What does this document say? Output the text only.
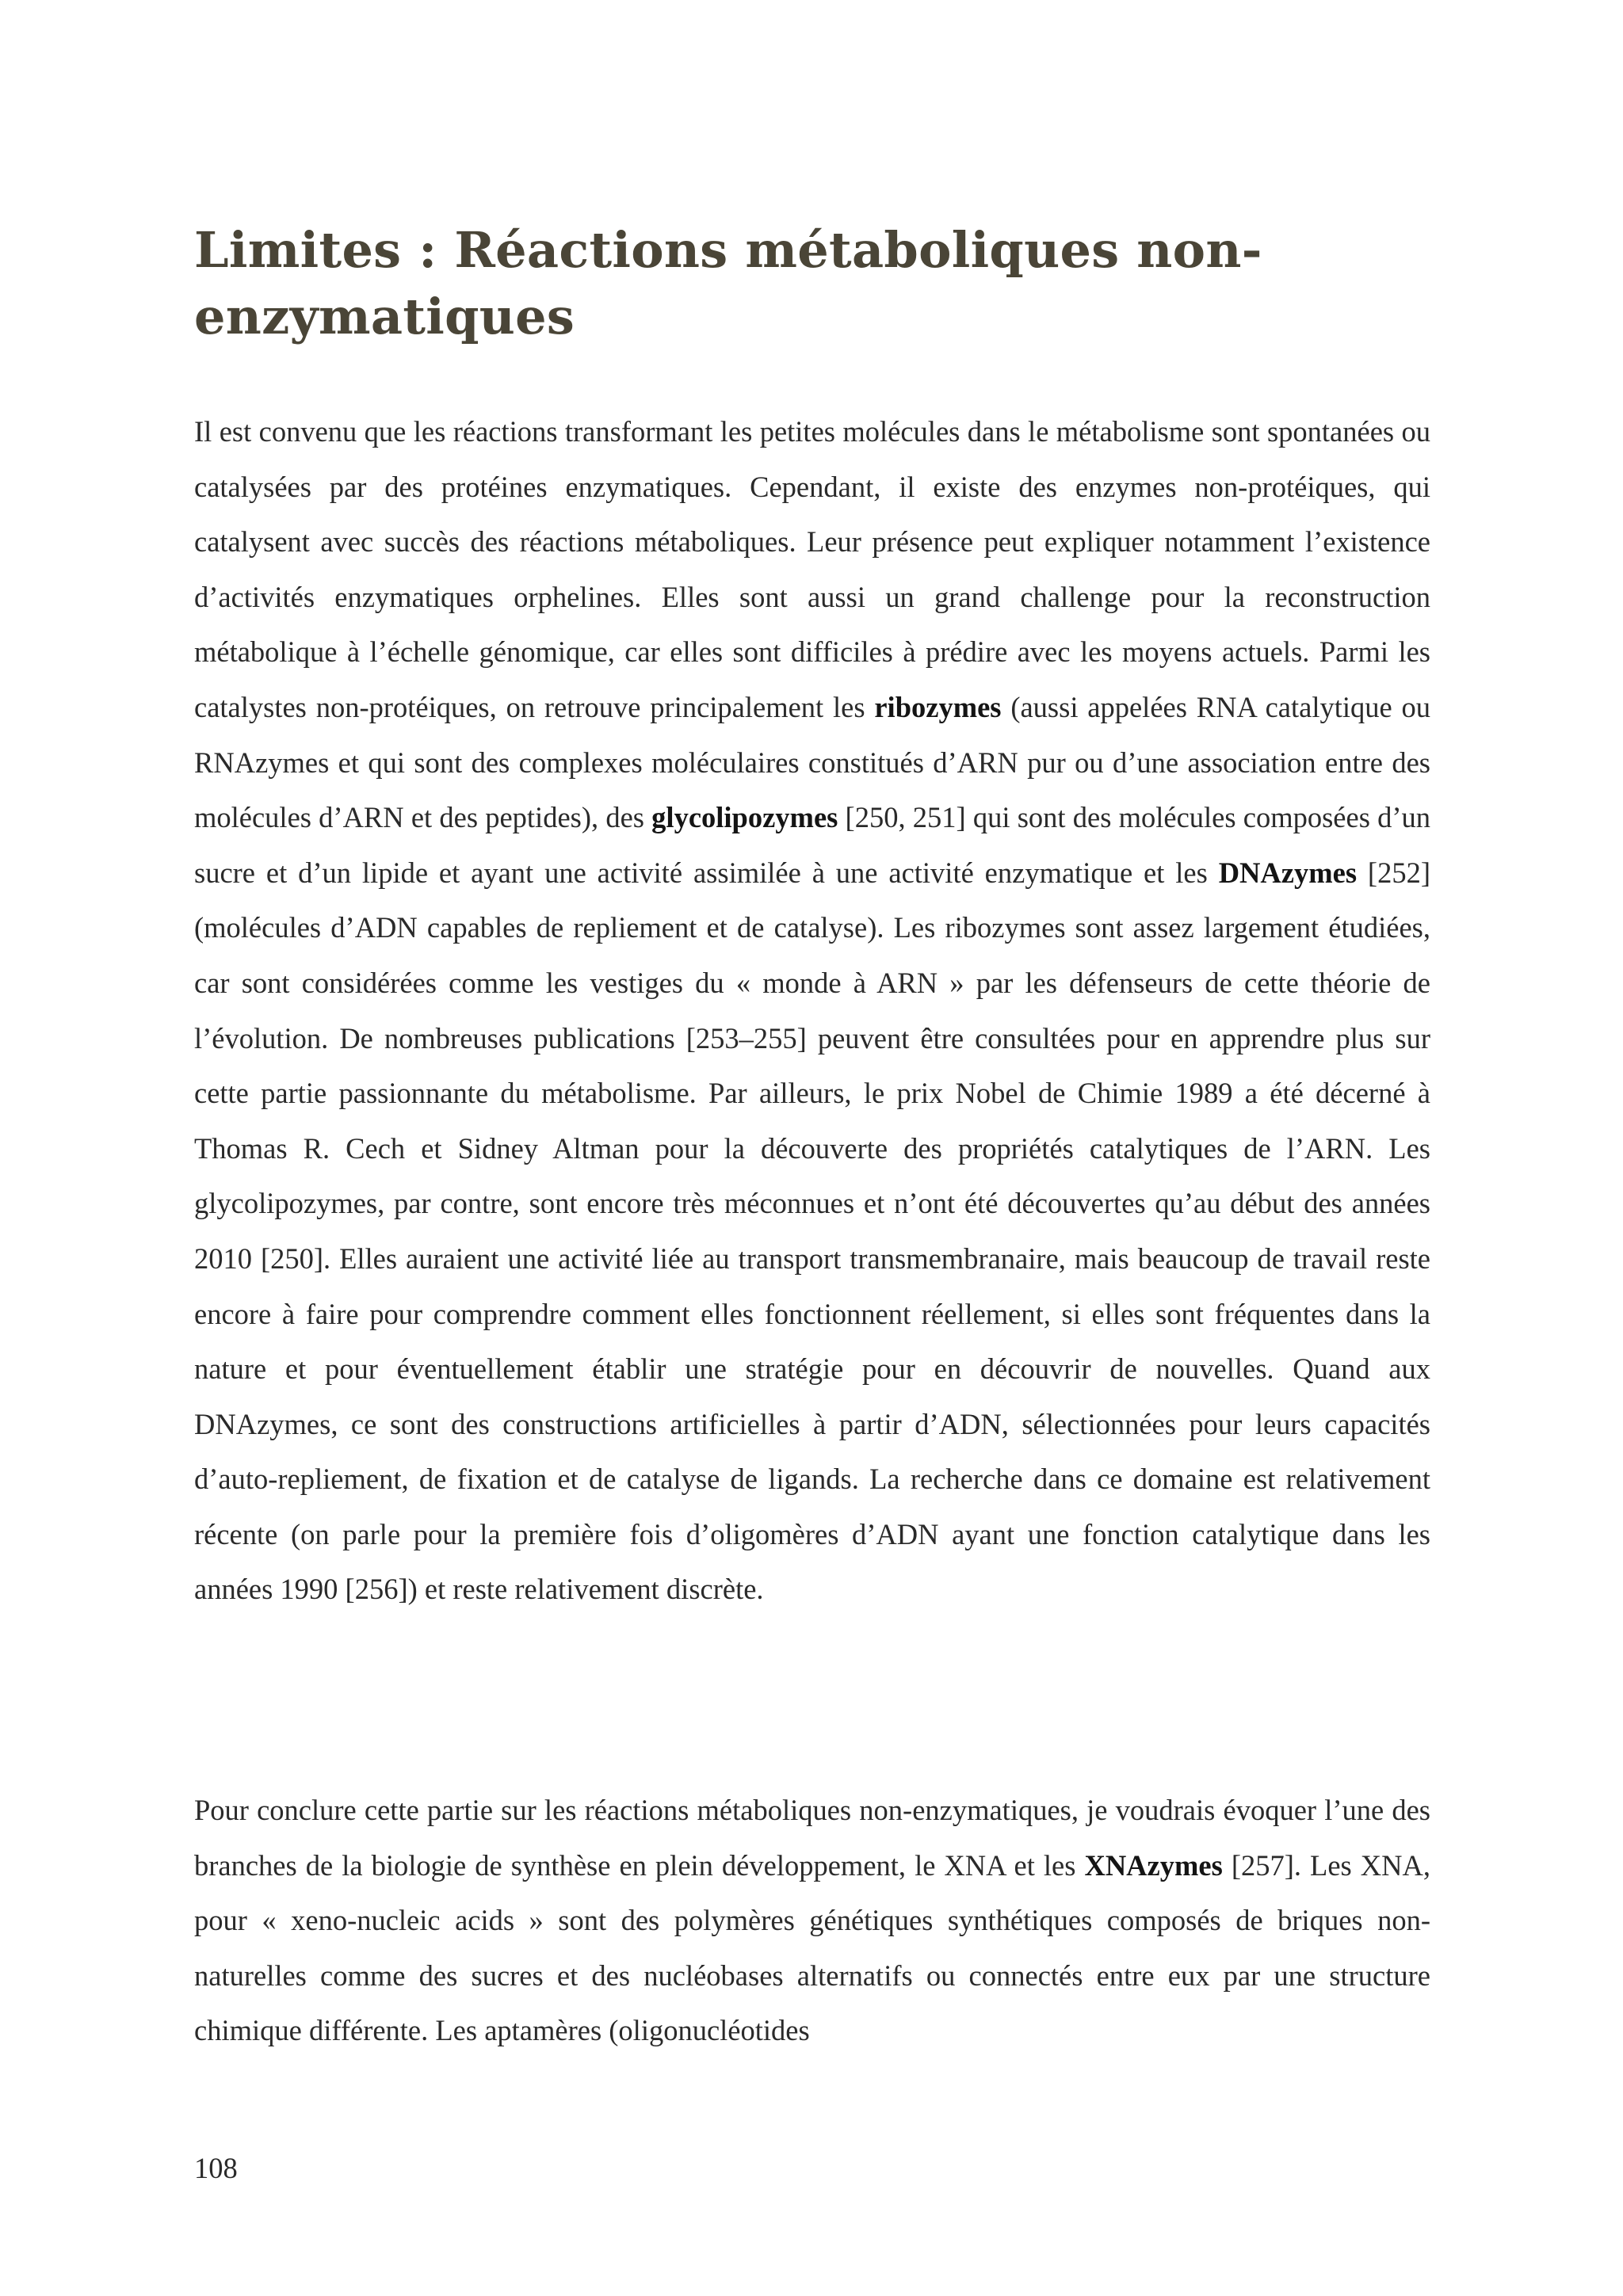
Limites : Réactions métaboliques non-
enzymatiques

Il est convenu que les réactions transformant les petites molécules dans le métabolisme sont spontanées ou catalysées par des protéines enzymatiques. Cependant, il existe des enzymes non-protéiques, qui catalysent avec succès des réactions métaboliques. Leur présence peut expliquer notamment l’existence d’activités enzymatiques orphelines. Elles sont aussi un grand challenge pour la reconstruction métabolique à l’échelle génomique, car elles sont difficiles à prédire avec les moyens actuels. Parmi les catalystes non-protéiques, on retrouve principalement les ribozymes (aussi appelées RNA catalytique ou RNAzymes et qui sont des complexes moléculaires constitués d’ARN pur ou d’une association entre des molécules d’ARN et des peptides), des glycolipozymes [250, 251] qui sont des molécules composées d’un sucre et d’un lipide et ayant une activité assimilée à une activité enzymatique et les DNAzymes [252] (molécules d’ADN capables de repliement et de catalyse). Les ribozymes sont assez largement étudiées, car sont considérées comme les vestiges du « monde à ARN » par les défenseurs de cette théorie de l’évolution. De nombreuses publications [253–255] peuvent être consultées pour en apprendre plus sur cette partie passionnante du métabolisme. Par ailleurs, le prix Nobel de Chimie 1989 a été décerné à Thomas R. Cech et Sidney Altman pour la découverte des propriétés catalytiques de l’ARN. Les glycolipozymes, par contre, sont encore très méconnues et n’ont été découvertes qu’au début des années 2010 [250]. Elles auraient une activité liée au transport transmembranaire, mais beaucoup de travail reste encore à faire pour comprendre comment elles fonctionnent réellement, si elles sont fréquentes dans la nature et pour éventuellement établir une stratégie pour en découvrir de nouvelles. Quand aux DNAzymes, ce sont des constructions artificielles à partir d’ADN, sélectionnées pour leurs capacités d’auto-repliement, de fixation et de catalyse de ligands. La recherche dans ce domaine est relativement récente (on parle pour la première fois d’oligomères d’ADN ayant une fonction catalytique dans les années 1990 [256]) et reste relativement discrète.

Pour conclure cette partie sur les réactions métaboliques non-enzymatiques, je voudrais évoquer l’une des branches de la biologie de synthèse en plein développement, le XNA et les XNAzymes [257]. Les XNA, pour « xeno-nucleic acids » sont des polymères génétiques synthétiques composés de briques non-naturelles comme des sucres et des nucléobases alternatifs ou connectés entre eux par une structure chimique différente. Les aptamères (oligonucléotides

108
